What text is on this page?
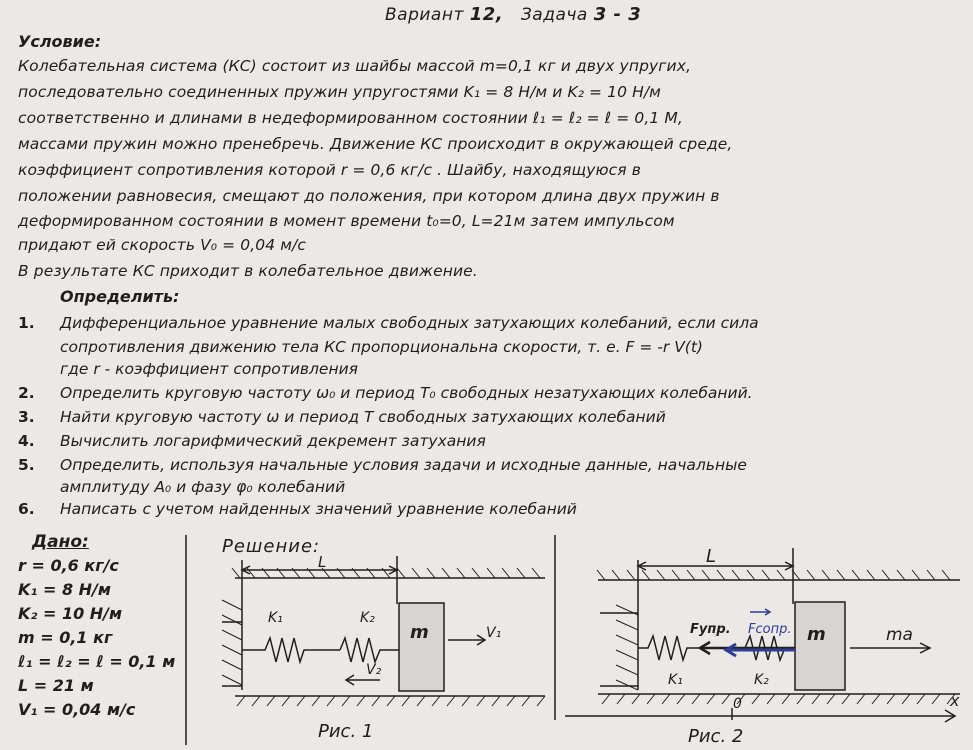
Вариант 12, Задача 3 - 3
Условие:
Колебательная система (КС) состоит из шайбы массой m=0,1 кг и двух упругих,
последовательно соединенных пружин упругостями K₁ = 8 Н/м и K₂ = 10 Н/м
соответственно и длинами в недеформированном состоянии ℓ₁ = ℓ₂ = ℓ = 0,1 М,
массами пружин можно пренебречь. Движение КС происходит в окружающей среде,
коэффициент сопротивления которой r = 0,6 кг/с . Шайбу, находящуюся в
положении равновесия, смещают до положения, при котором длина двух пружин в
деформированном состоянии в момент времени t₀=0, L=21м затем импульсом
придают ей скорость V₀ = 0,04 м/с
В результате КС приходит в колебательное движение.
Определить:
1. Дифференциальное уравнение малых свободных затухающих колебаний, если сила
сопротивления движению тела КС пропорциональна скорости, т. е. F = -r V(t)
где r - коэффициент сопротивления
2. Определить круговую частоту ω₀ и период T₀ свободных незатухающих колебаний.
3. Найти круговую частоту ω и период T свободных затухающих колебаний
4. Вычислить логарифмический декремент затухания
5. Определить, используя начальные условия задачи и исходные данные, начальные
амплитуду A₀ и фазу φ₀ колебаний
6. Написать с учетом найденных значений уравнение колебаний
Дано:
r = 0,6 кг/с
K₁ = 8 Н/м
K₂ = 10 Н/м
m = 0,1 кг
ℓ₁ = ℓ₂ = ℓ = 0,1 м
L = 21 м
V₁ = 0,04 м/с
Решение:
L
K₁	K₂
m	V₁
V₂
Рис. 1
L
Fупр. Fсопр. m	ma
K₁	K₂
0	x
Рис. 2
